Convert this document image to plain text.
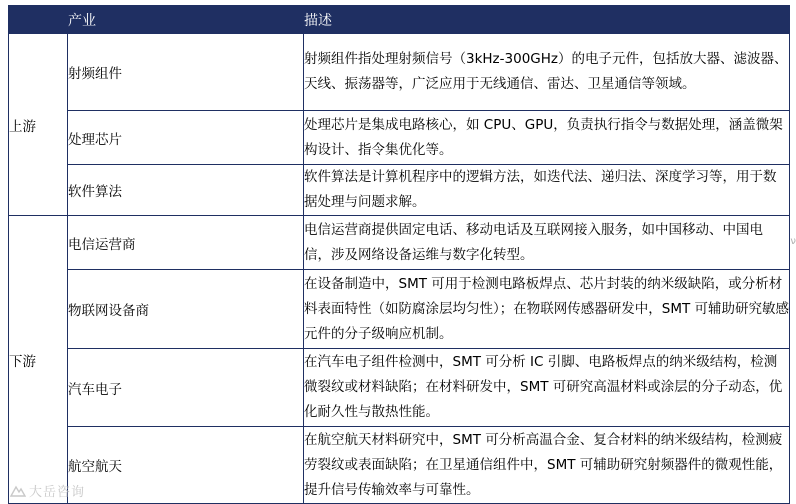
	产业	描述
上游	射频组件	射频组件指处理射频信号（3kHz-300GHz）的电子元件，包括放大器、滤波器、天线、振荡器等，广泛应用于无线通信、雷达、卫星通信等领域。
	处理芯片	处理芯片是集成电路核心，如 CPU、GPU，负责执行指令与数据处理，涵盖微架构设计、指令集优化等。
	软件算法	软件算法是计算机程序中的逻辑方法，如迭代法、递归法、深度学习等，用于数据处理与问题求解。
下游	电信运营商	电信运营商提供固定电话、移动电话及互联网接入服务，如中国移动、中国电信，涉及网络设备运维与数字化转型。
	物联网设备商	在设备制造中，SMT 可用于检测电路板焊点、芯片封装的纳米级缺陷，或分析材料表面特性（如防腐涂层均匀性）；在物联网传感器研发中，SMT 可辅助研究敏感元件的分子级响应机制。
	汽车电子	在汽车电子组件检测中，SMT 可分析 IC 引脚、电路板焊点的纳米级结构，检测微裂纹或材料缺陷；在材料研发中，SMT 可研究高温材料或涂层的分子动态，优化耐久性与散热性能。
	航空航天	在航空航天材料研究中，SMT 可分析高温合金、复合材料的纳米级结构，检测疲劳裂纹或表面缺陷；在卫星通信组件中，SMT 可辅助研究射频器件的微观性能，提升信号传输效率与可靠性。
大岳咨询
ν
